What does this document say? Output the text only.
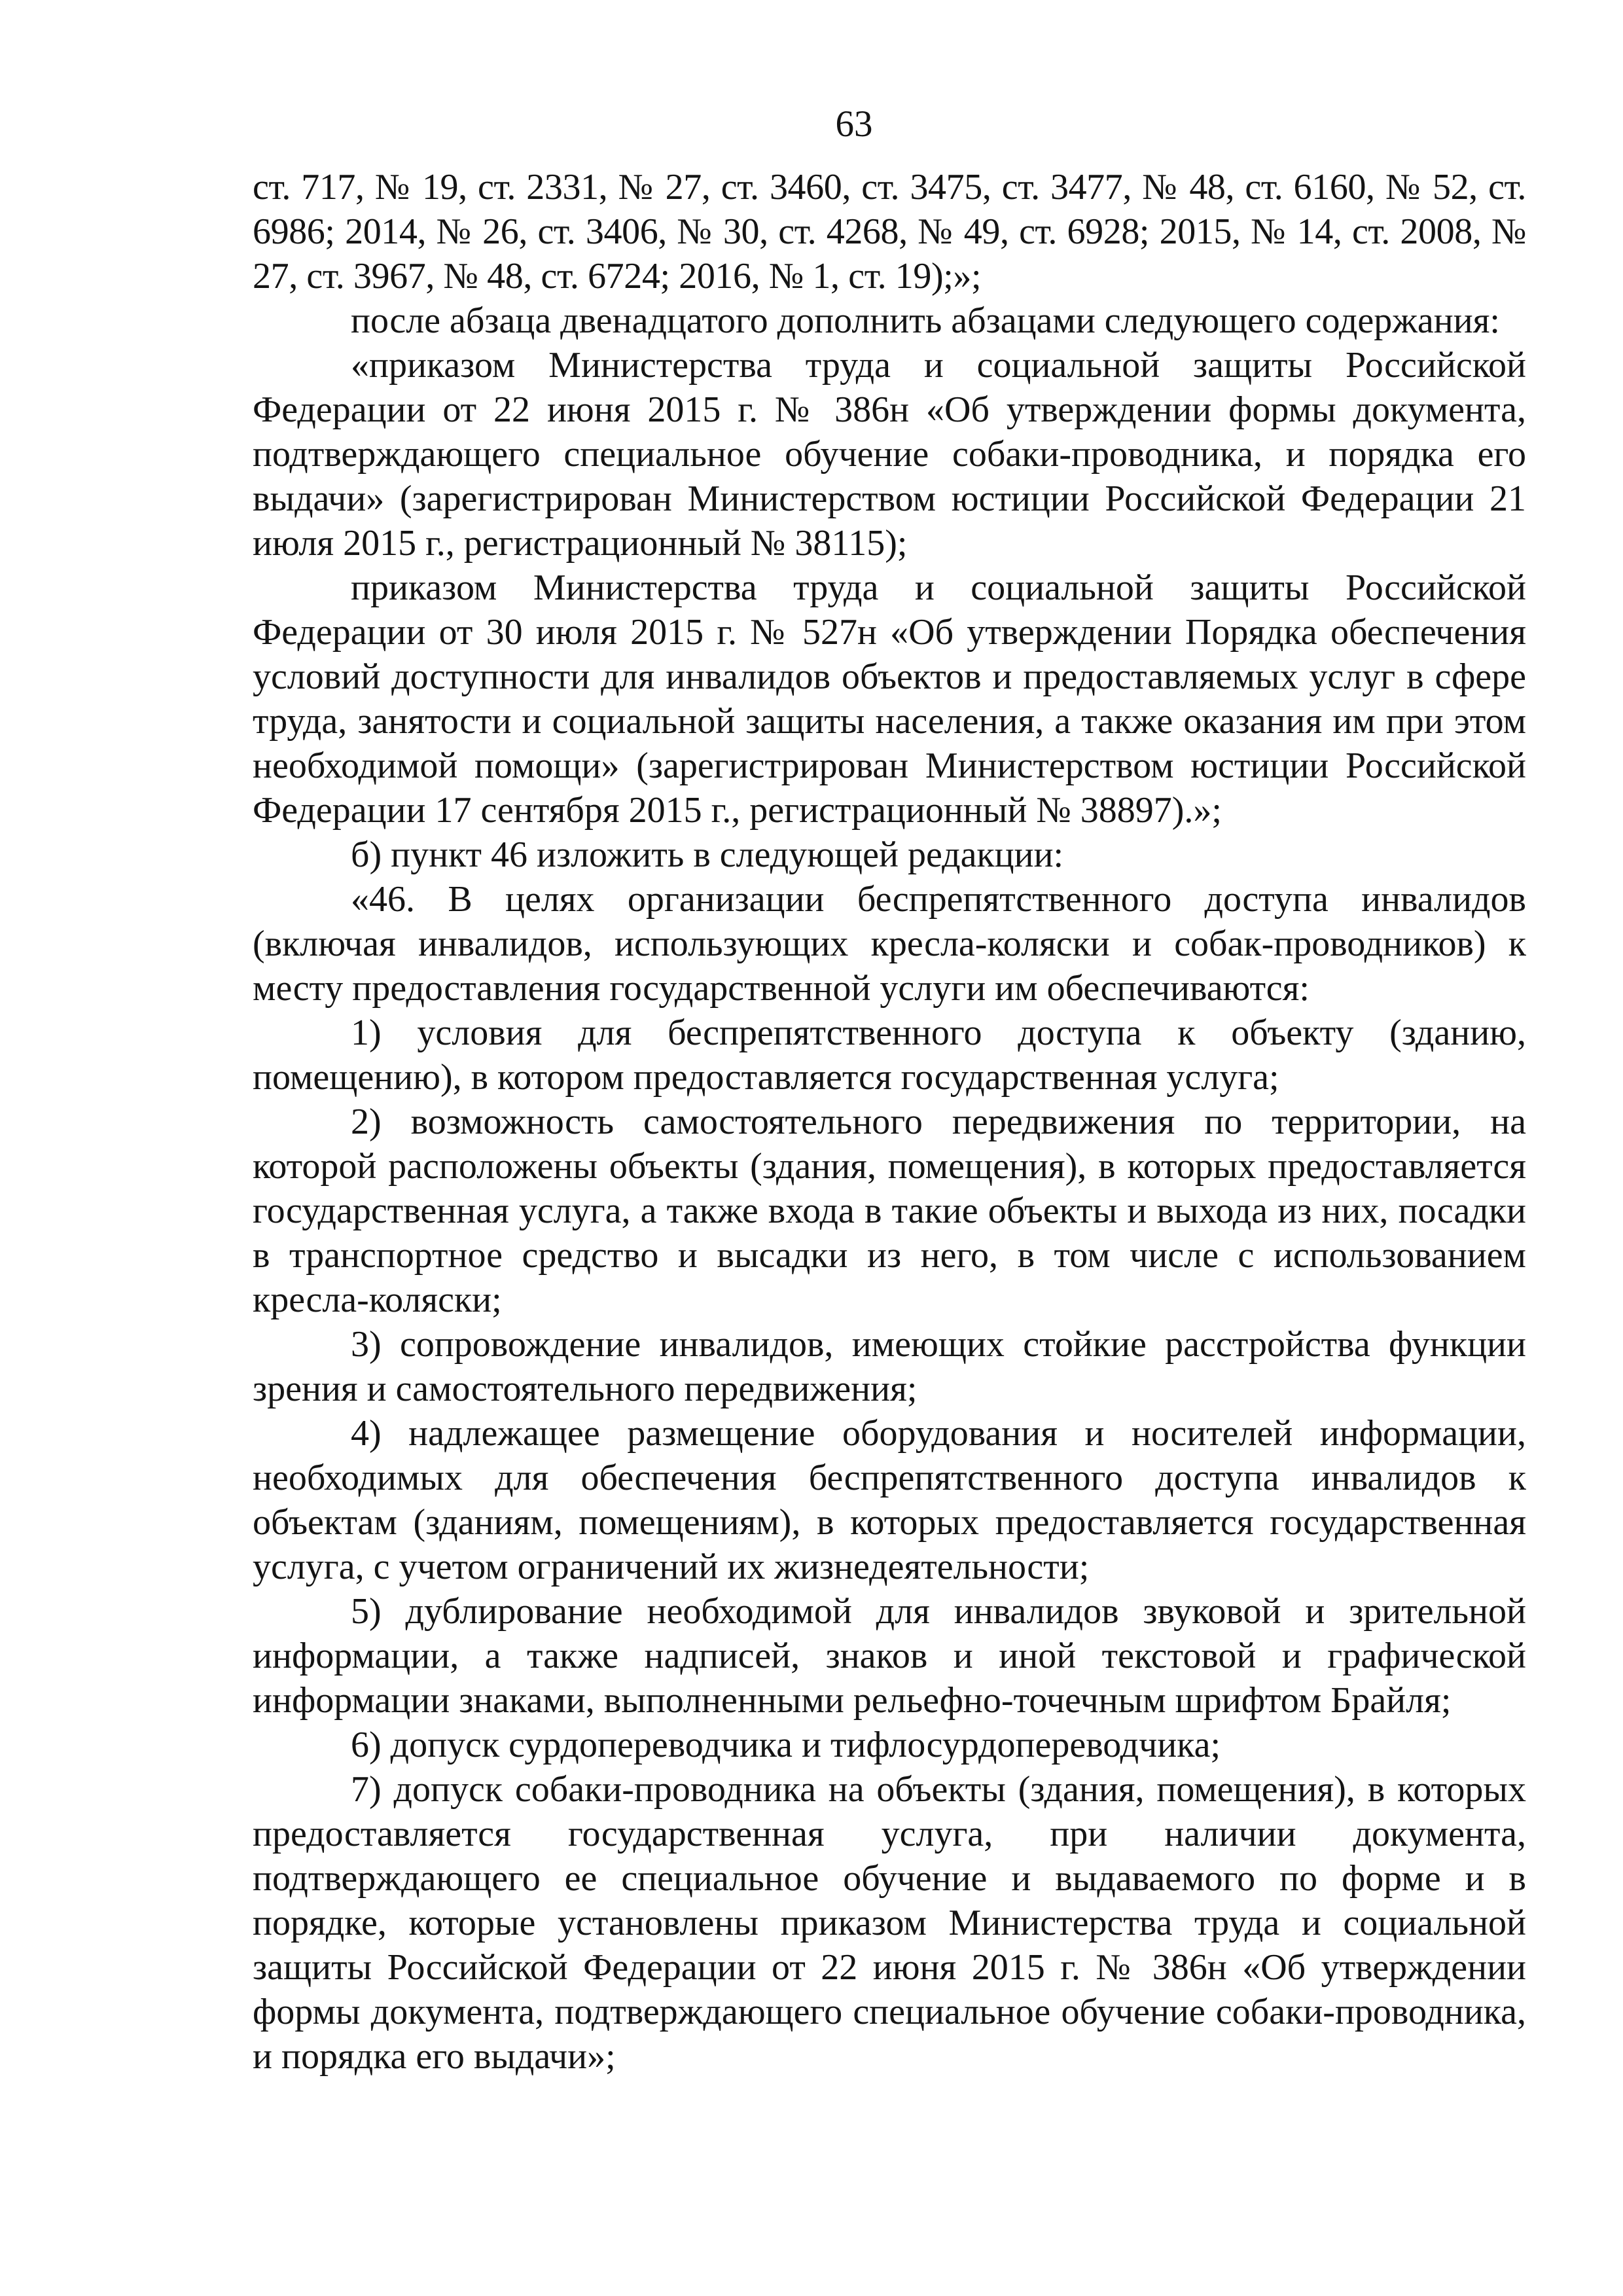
63

ст. 717, № 19, ст. 2331, № 27, ст. 3460, ст. 3475, ст. 3477, № 48, ст. 6160, № 52, ст. 6986; 2014, № 26, ст. 3406, № 30, ст. 4268, № 49, ст. 6928; 2015, № 14, ст. 2008, № 27, ст. 3967, № 48, ст. 6724; 2016, № 1, ст. 19);»;

после абзаца двенадцатого дополнить абзацами следующего содержания:

«приказом Министерства труда и социальной защиты Российской Федерации от 22 июня 2015 г. № 386н «Об утверждении формы документа, подтверждающего специальное обучение собаки-проводника, и порядка его выдачи» (зарегистрирован Министерством юстиции Российской Федерации 21 июля 2015 г., регистрационный № 38115);

приказом Министерства труда и социальной защиты Российской Федерации от 30 июля 2015 г. № 527н «Об утверждении Порядка обеспечения условий доступности для инвалидов объектов и предоставляемых услуг в сфере труда, занятости и социальной защиты населения, а также оказания им при этом необходимой помощи» (зарегистрирован Министерством юстиции Российской Федерации 17 сентября 2015 г., регистрационный № 38897).»;

б) пункт 46 изложить в следующей редакции:

«46. В целях организации беспрепятственного доступа инвалидов (включая инвалидов, использующих кресла-коляски и собак-проводников) к месту предоставления государственной услуги им обеспечиваются:

1) условия для беспрепятственного доступа к объекту (зданию, помещению), в котором предоставляется государственная услуга;

2) возможность самостоятельного передвижения по территории, на которой расположены объекты (здания, помещения), в которых предоставляется государственная услуга, а также входа в такие объекты и выхода из них, посадки в транспортное средство и высадки из него, в том числе с использованием кресла-коляски;

3) сопровождение инвалидов, имеющих стойкие расстройства функции зрения и самостоятельного передвижения;

4) надлежащее размещение оборудования и носителей информации, необходимых для обеспечения беспрепятственного доступа инвалидов к объектам (зданиям, помещениям), в которых предоставляется государственная услуга, с учетом ограничений их жизнедеятельности;

5) дублирование необходимой для инвалидов звуковой и зрительной информации, а также надписей, знаков и иной текстовой и графической информации знаками, выполненными рельефно-точечным шрифтом Брайля;

6) допуск сурдопереводчика и тифлосурдопереводчика;

7) допуск собаки-проводника на объекты (здания, помещения), в которых предоставляется государственная услуга, при наличии документа, подтверждающего ее специальное обучение и выдаваемого по форме и в порядке, которые установлены приказом Министерства труда и социальной защиты Российской Федерации от 22 июня 2015 г. № 386н «Об утверждении формы документа, подтверждающего специальное обучение собаки-проводника, и порядка его выдачи»;
